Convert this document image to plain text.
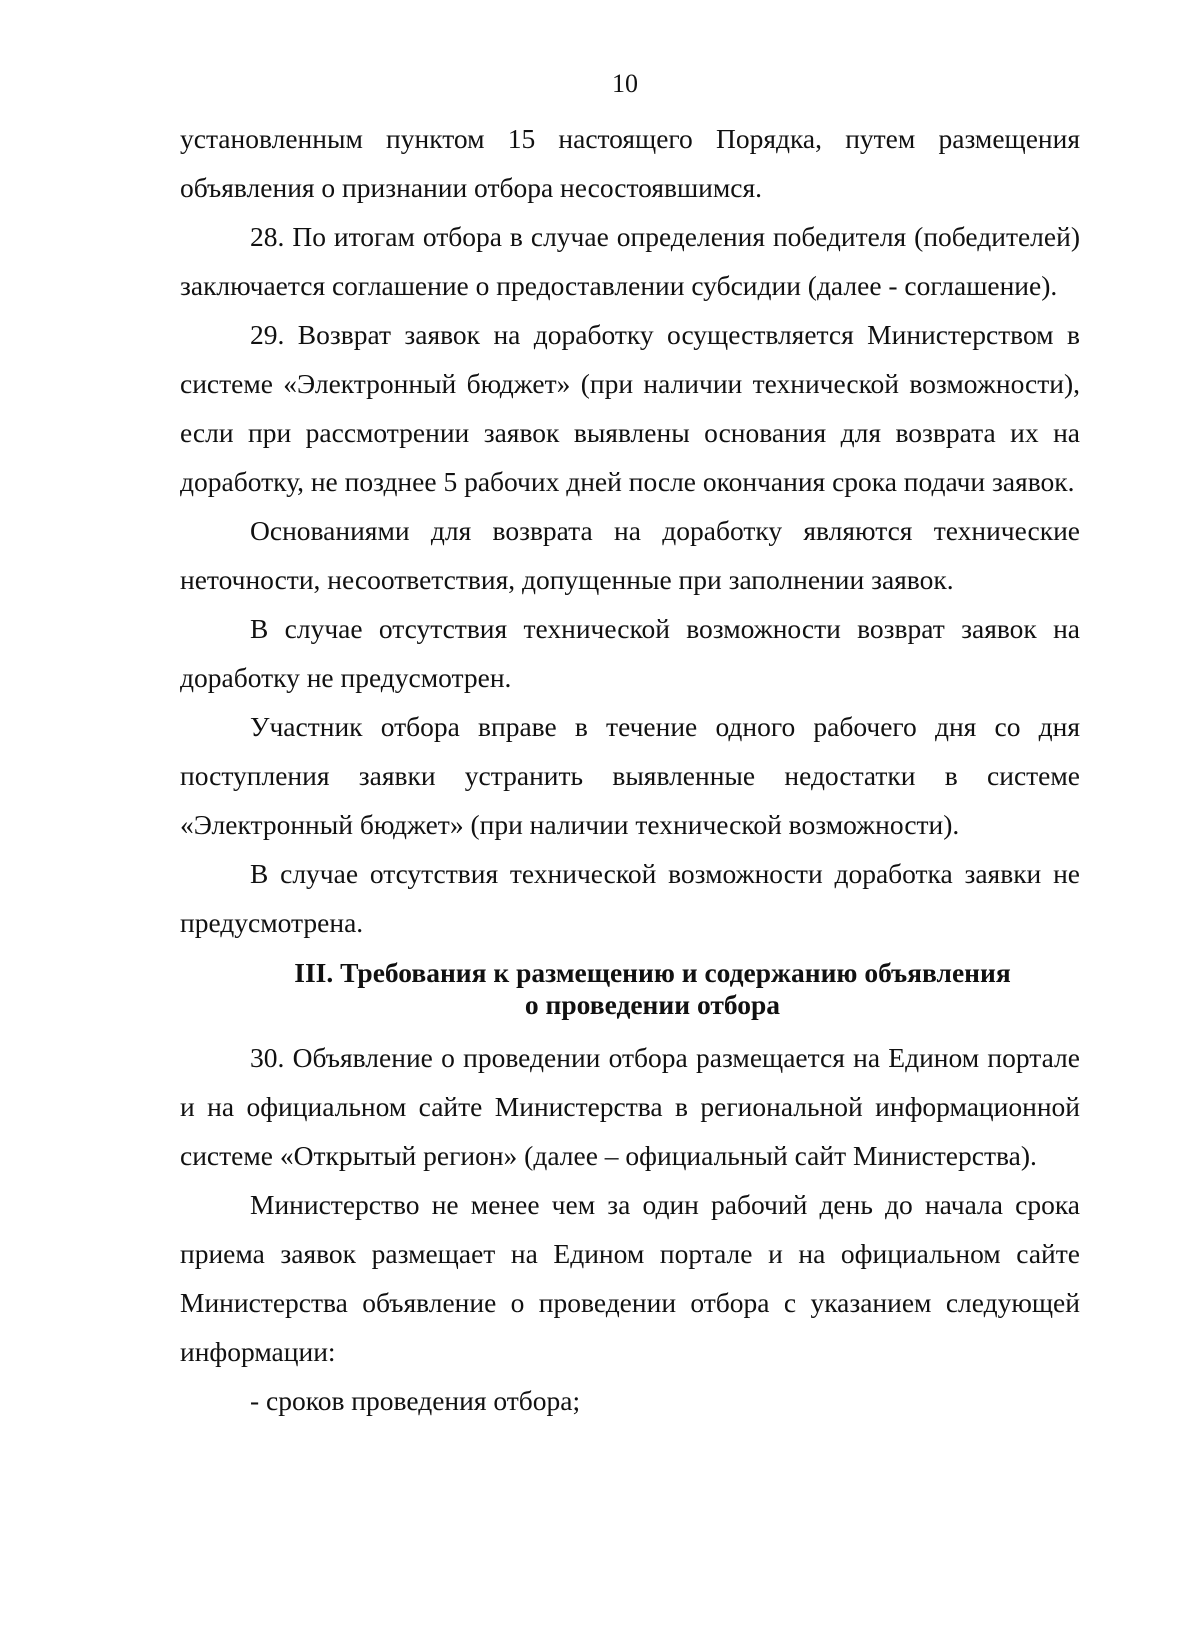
10

установленным пунктом 15 настоящего Порядка, путем размещения объявления о признании отбора несостоявшимся.

28. По итогам отбора в случае определения победителя (победителей) заключается соглашение о предоставлении субсидии (далее - соглашение).

29. Возврат заявок на доработку осуществляется Министерством в системе «Электронный бюджет» (при наличии технической возможности), если при рассмотрении заявок выявлены основания для возврата их на доработку, не позднее 5 рабочих дней после окончания срока подачи заявок.

Основаниями для возврата на доработку являются технические неточности, несоответствия, допущенные при заполнении заявок.

В случае отсутствия технической возможности возврат заявок на доработку не предусмотрен.

Участник отбора вправе в течение одного рабочего дня со дня поступления заявки устранить выявленные недостатки в системе «Электронный бюджет» (при наличии технической возможности).

В случае отсутствия технической возможности доработка заявки не предусмотрена.

III. Требования к размещению и содержанию объявления
о проведении отбора

30. Объявление о проведении отбора размещается на Едином портале и на официальном сайте Министерства в региональной информационной системе «Открытый регион» (далее – официальный сайт Министерства).

Министерство не менее чем за один рабочий день до начала срока приема заявок размещает на Едином портале и на официальном сайте Министерства объявление о проведении отбора с указанием следующей информации:

- сроков проведения отбора;
